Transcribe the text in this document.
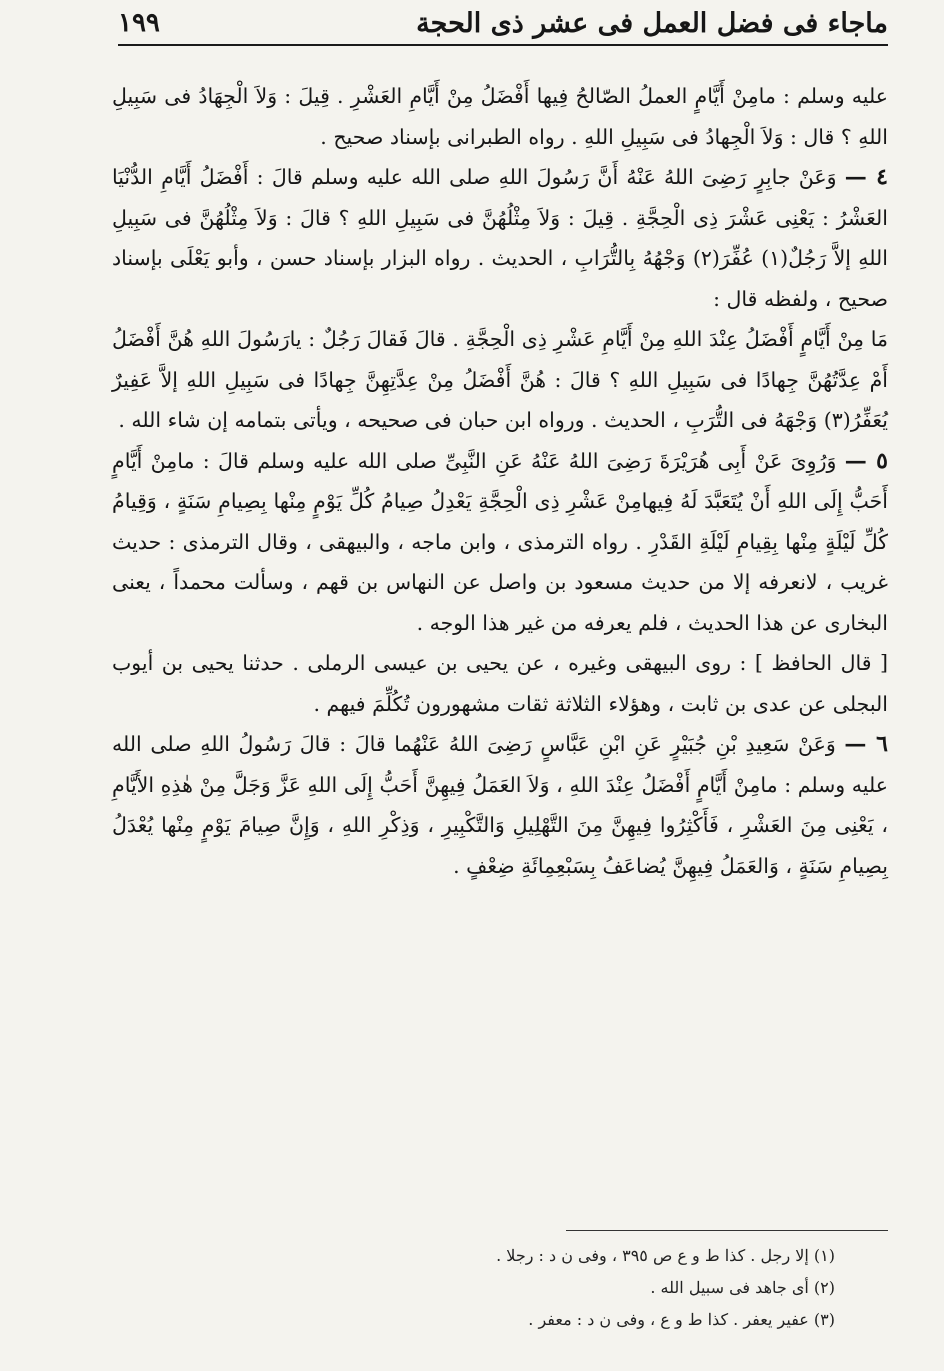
١٩٩	ماجاء فى فضل العمل فى عشر ذى الحجة

عليه وسلم : مامِنْ أَيَّامٍ العملُ الصّالحُ فِيها أَفْضَلُ مِنْ أَيَّامِ العَشْرِ . قِيلَ : وَلاَ الْجِهَادُ فى سَبِيلِ اللهِ ؟ قال : وَلاَ الْجِهادُ فى سَبِيلِ اللهِ . رواه الطبرانى بإسناد صحيح .

٤ — وَعَنْ جابِرٍ رَضِىَ اللهُ عَنْهُ أَنَّ رَسُولَ اللهِ صلى الله عليه وسلم قالَ : أَفْضَلُ أَيَّامِ الدُّنْيَا العَشْرُ : يَعْنِى عَشْرَ ذِى الْحِجَّةِ . قِيلَ : وَلاَ مِثْلُهُنَّ فى سَبِيلِ اللهِ ؟ قالَ : وَلاَ مِثْلُهُنَّ فى سَبِيلِ اللهِ إلاَّ رَجُلٌ(١) عُفِّرَ(٢) وَجْهُهُ بِالتُّرَابِ ، الحديث . رواه البزار بإسناد حسن ، وأبو يَعْلَى بإسناد صحيح ، ولفظه قال :

مَا مِنْ أَيَّامٍ أَفْضَلُ عِنْدَ اللهِ مِنْ أَيَّامِ عَشْرِ ذِى الْحِجَّةِ . قالَ فَقالَ رَجُلٌ : يارَسُولَ اللهِ هُنَّ أَفْضَلُ أَمْ عِدَّتُهُنَّ جِهادًا فى سَبِيلِ اللهِ ؟ قالَ : هُنَّ أَفْضَلُ مِنْ عِدَّتِهِنَّ جِهادًا فى سَبِيلِ اللهِ إلاَّ عَفِيرٌ يُعَفِّرُ(٣) وَجْهَهُ فى التُّرَبِ ، الحديث . ورواه ابن حبان فى صحيحه ، ويأتى بتمامه إن شاء الله .

٥ — وَرُوِىَ عَنْ أَبِى هُرَيْرَةَ رَضِىَ اللهُ عَنْهُ عَنِ النَّبِىِّ صلى الله عليه وسلم قالَ : مامِنْ أَيَّامٍ أَحَبُّ إِلَى اللهِ أَنْ يُتَعَبَّدَ لَهُ فِيهامِنْ عَشْرِ ذِى الْحِجَّةِ يَعْدِلُ صِيامُ كُلِّ يَوْمٍ مِنْها بِصِيامِ سَنَةٍ ، وَقِيامُ كُلِّ لَيْلَةٍ مِنْها بِقِيامِ لَيْلَةِ القَدْرِ . رواه الترمذى ، وابن ماجه ، والبيهقى ، وقال الترمذى : حديث غريب ، لانعرفه إلا من حديث مسعود بن واصل عن النهاس بن قهم ، وسألت محمداً ، يعنى البخارى عن هذا الحديث ، فلم يعرفه من غير هذا الوجه .

[ قال الحافظ ] : روى البيهقى وغيره ، عن يحيى بن عيسى الرملى . حدثنا يحيى بن أيوب البجلى عن عدى بن ثابت ، وهؤلاء الثلاثة ثقات مشهورون تُكُلِّمَ فيهم .

٦ — وَعَنْ سَعِيدِ بْنِ جُبَيْرٍ عَنِ ابْنِ عَبَّاسٍ رَضِىَ اللهُ عَنْهُما قالَ : قالَ رَسُولُ اللهِ صلى الله عليه وسلم : مامِنْ أَيَّامٍ أَفْضَلُ عِنْدَ اللهِ ، وَلاَ العَمَلُ فِيهِنَّ أَحَبُّ إِلَى اللهِ عَزَّ وَجَلَّ مِنْ هٰذِهِ الأَيَّامِ ، يَعْنِى مِنَ العَشْرِ ، فَأَكْثِرُوا فِيهِنَّ مِنَ التَّهْلِيلِ وَالتَّكْبِيرِ ، وَذِكْرِ اللهِ ، وَإِنَّ صِيامَ يَوْمٍ مِنْها يُعْدَلُ بِصِيامِ سَنَةٍ ، وَالعَمَلُ فِيهِنَّ يُضاعَفُ بِسَبْعِمِائَةِ ضِعْفٍ .

(١) إلا رجل . كذا ط و ع ص ٣٩٥ ، وفى ن د : رجلا .

(٢) أى جاهد فى سبيل الله .

(٣) عفير يعفر . كذا ط و ع ، وفى ن د : معفر .
